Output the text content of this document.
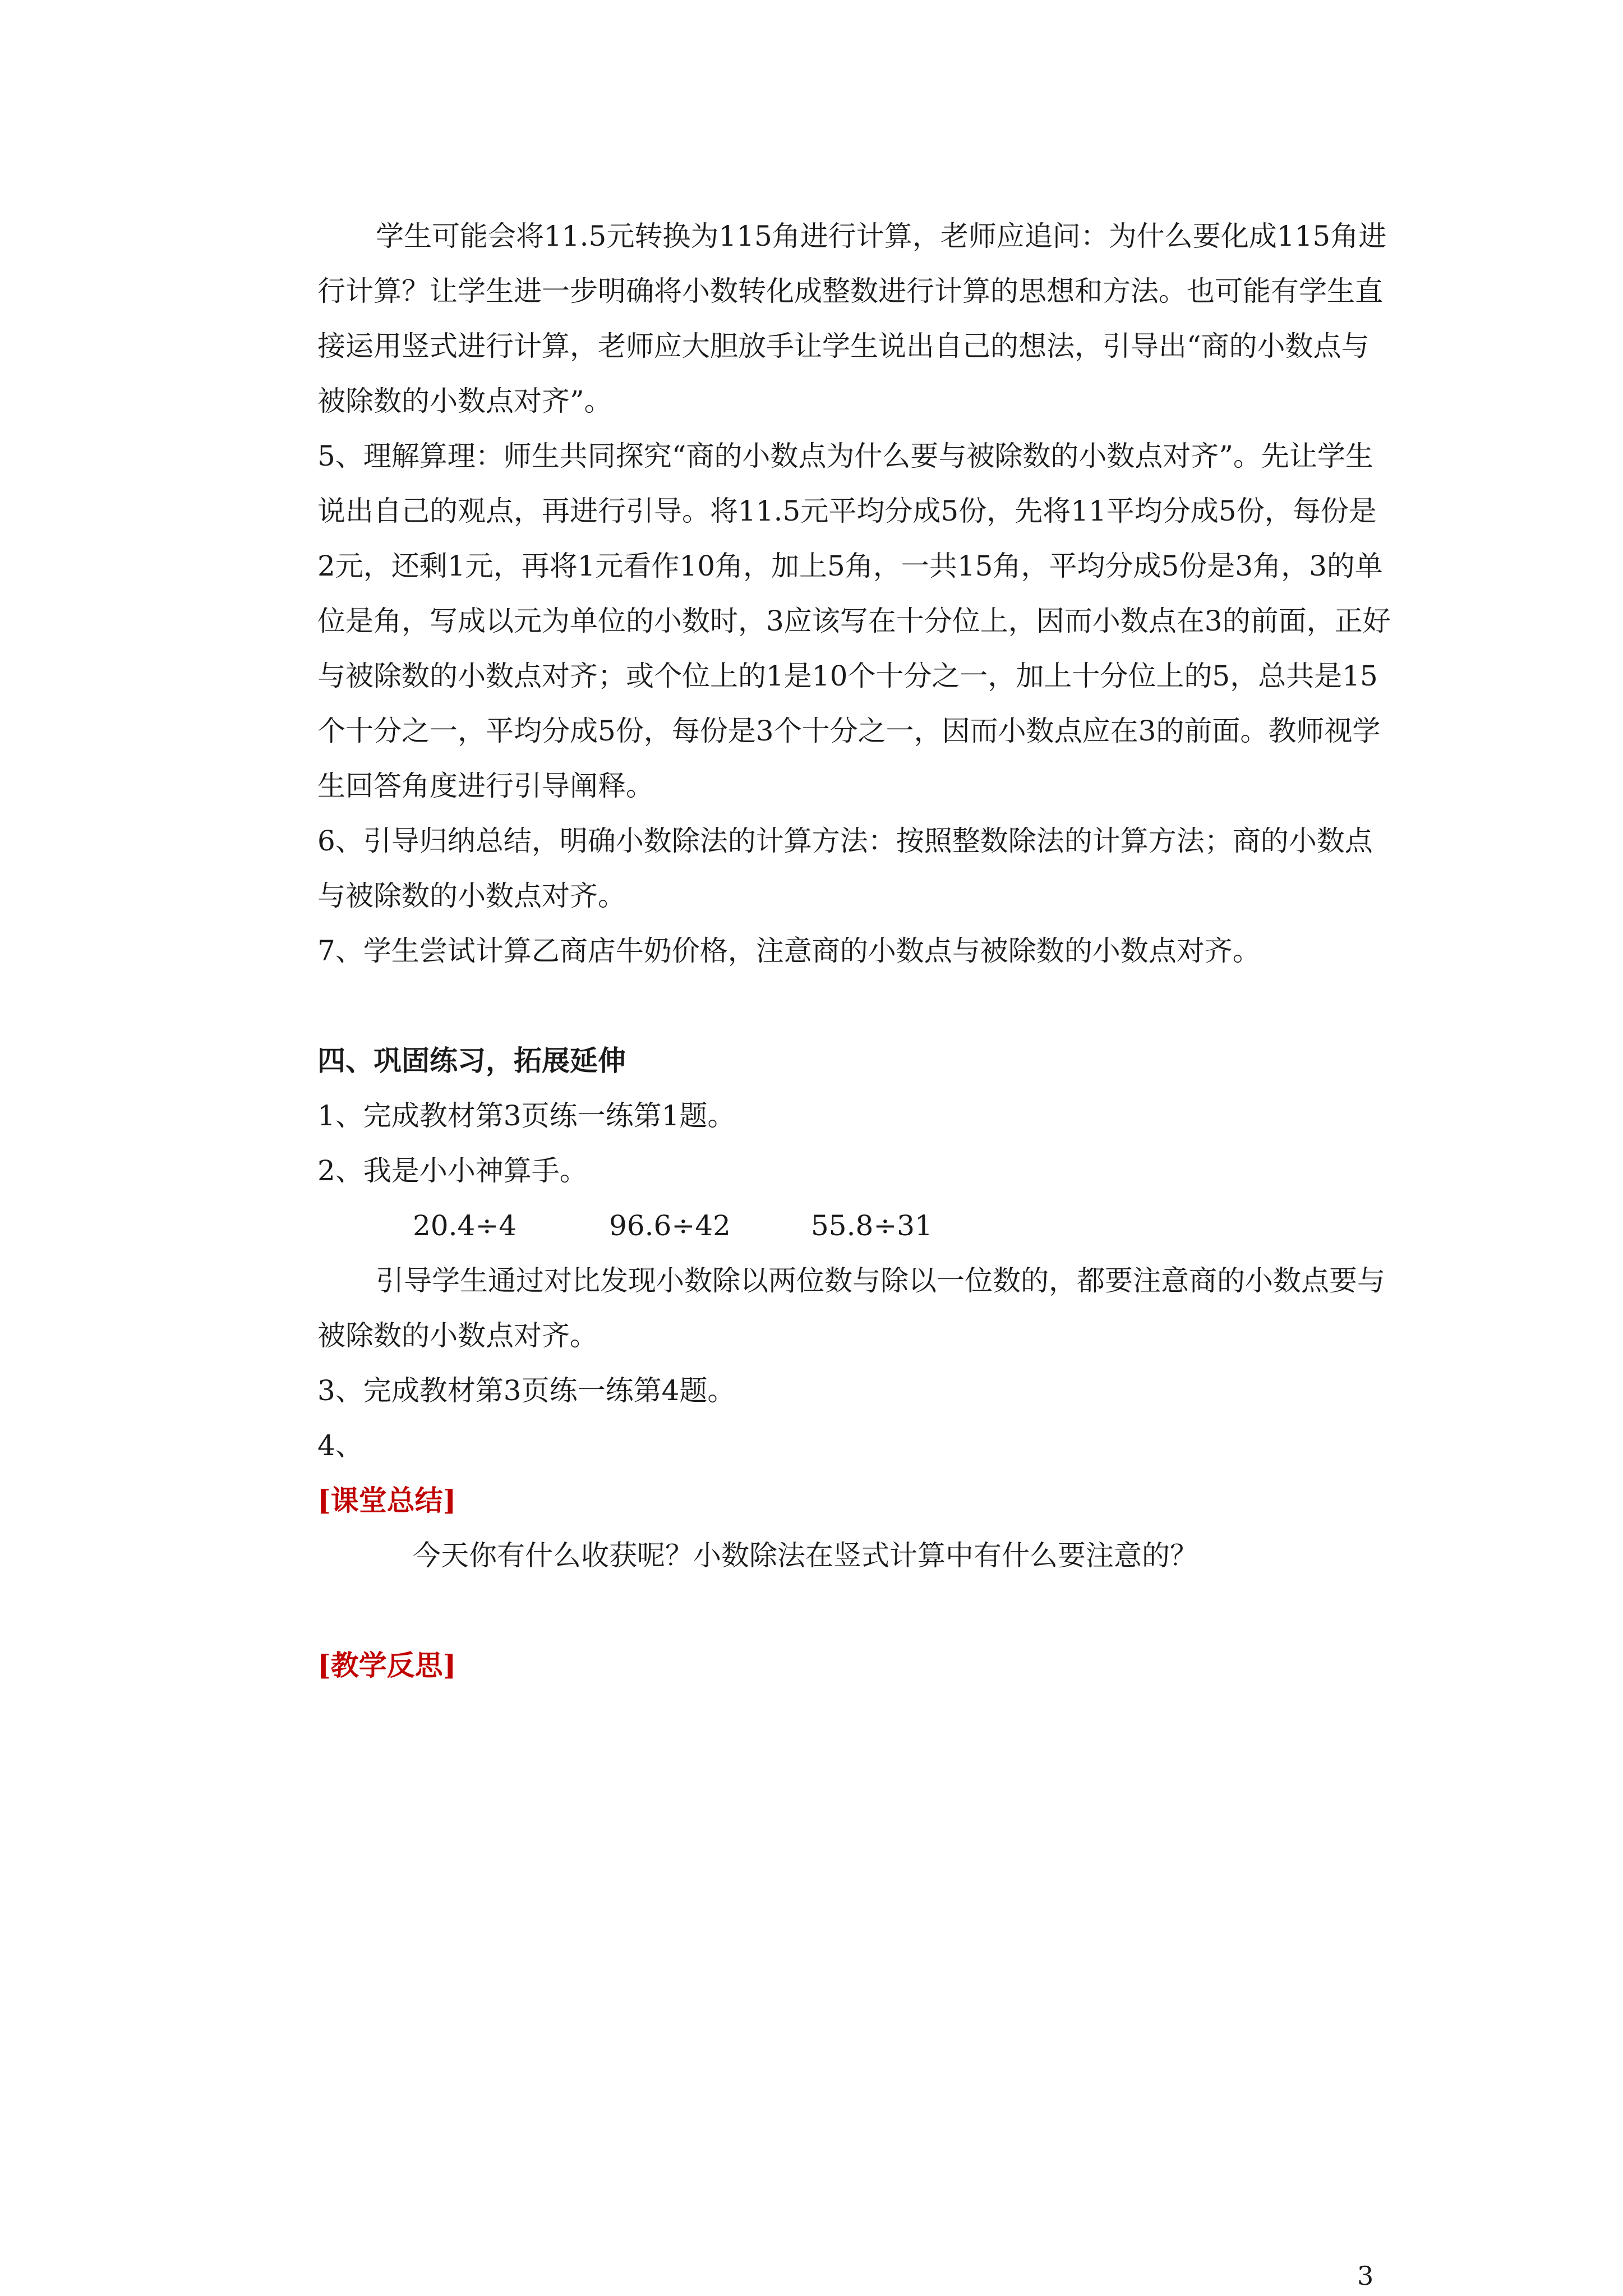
学生可能会将11.5元转换为115角进行计算，老师应追问：为什么要化成115角进行计算？让学生进一步明确将小数转化成整数进行计算的思想和方法。也可能有学生直接运用竖式进行计算，老师应大胆放手让学生说出自己的想法，引导出“商的小数点与被除数的小数点对齐”。

5、理解算理：师生共同探究“商的小数点为什么要与被除数的小数点对齐”。先让学生说出自己的观点，再进行引导。将11.5元平均分成5份，先将11平均分成5份，每份是2元，还剩1元，再将1元看作10角，加上5角，一共15角，平均分成5份是3角，3的单位是角，写成以元为单位的小数时，3应该写在十分位上，因而小数点在3的前面，正好与被除数的小数点对齐；或个位上的1是10个十分之一，加上十分位上的5，总共是15个十分之一，平均分成5份，每份是3个十分之一，因而小数点应在3的前面。教师视学生回答角度进行引导阐释。

6、引导归纳总结，明确小数除法的计算方法：按照整数除法的计算方法；商的小数点与被除数的小数点对齐。

7、学生尝试计算乙商店牛奶价格，注意商的小数点与被除数的小数点对齐。

四、巩固练习，拓展延伸

1、完成教材第3页练一练第1题。

2、我是小小神算手。

20.4÷4	96.6÷42	55.8÷31

引导学生通过对比发现小数除以两位数与除以一位数的，都要注意商的小数点要与被除数的小数点对齐。

3、完成教材第3页练一练第4题。

4、

[课堂总结]

今天你有什么收获呢？小数除法在竖式计算中有什么要注意的？

[教学反思]

3
